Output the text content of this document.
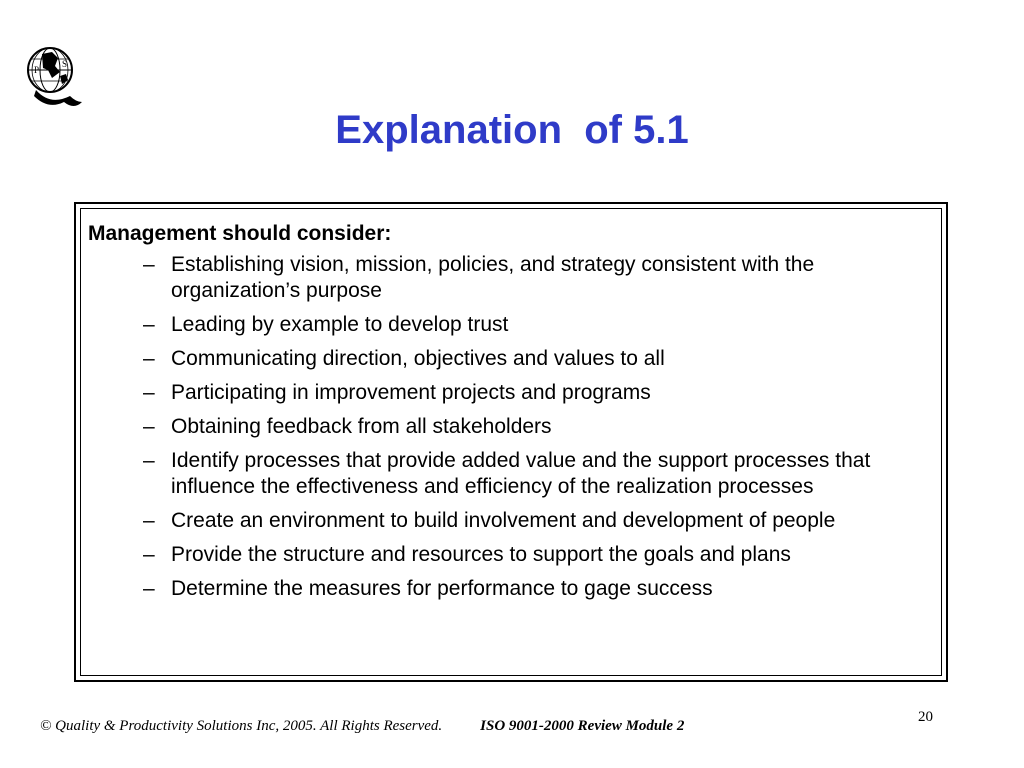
P
S
Explanation  of 5.1

Management should consider:

– Establishing vision, mission, policies, and strategy consistent with the organization’s purpose
– Leading by example to develop trust
– Communicating direction, objectives and values to all
– Participating in improvement projects and programs
– Obtaining feedback from all stakeholders
– Identify processes that provide added value and the support processes that influence the effectiveness and efficiency of the realization processes
– Create an environment to build involvement and development of people
– Provide the structure and resources to support the goals and plans
– Determine the measures for performance to gage success
© Quality & Productivity Solutions Inc, 2005. All Rights Reserved.	ISO 9001-2000 Review Module 2
20
